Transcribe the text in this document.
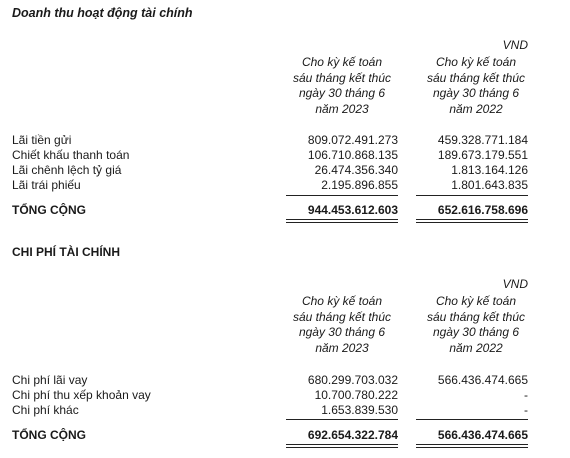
Doanh thu hoạt động tài chính
VND
Cho kỳ kế toán
sáu tháng kết thúc
ngày 30 tháng 6
năm 2023
Cho kỳ kế toán
sáu tháng kết thúc
ngày 30 tháng 6
năm 2022
Lãi tiền gửi	809.072.491.273	459.328.771.184
Chiết khấu thanh toán	106.710.868.135	189.673.179.551
Lãi chênh lệch tỷ giá	26.474.356.340	1.813.164.126
Lãi trái phiếu	2.195.896.855	1.801.643.835
TỔNG CỘNG	944.453.612.603	652.616.758.696
CHI PHÍ TÀI CHÍNH
VND
Cho kỳ kế toán
sáu tháng kết thúc
ngày 30 tháng 6
năm 2023
Cho kỳ kế toán
sáu tháng kết thúc
ngày 30 tháng 6
năm 2022
Chi phí lãi vay	680.299.703.032	566.436.474.665
Chi phí thu xếp khoản vay	10.700.780.222	-
Chi phí khác	1.653.839.530	-
TỔNG CỘNG	692.654.322.784	566.436.474.665
